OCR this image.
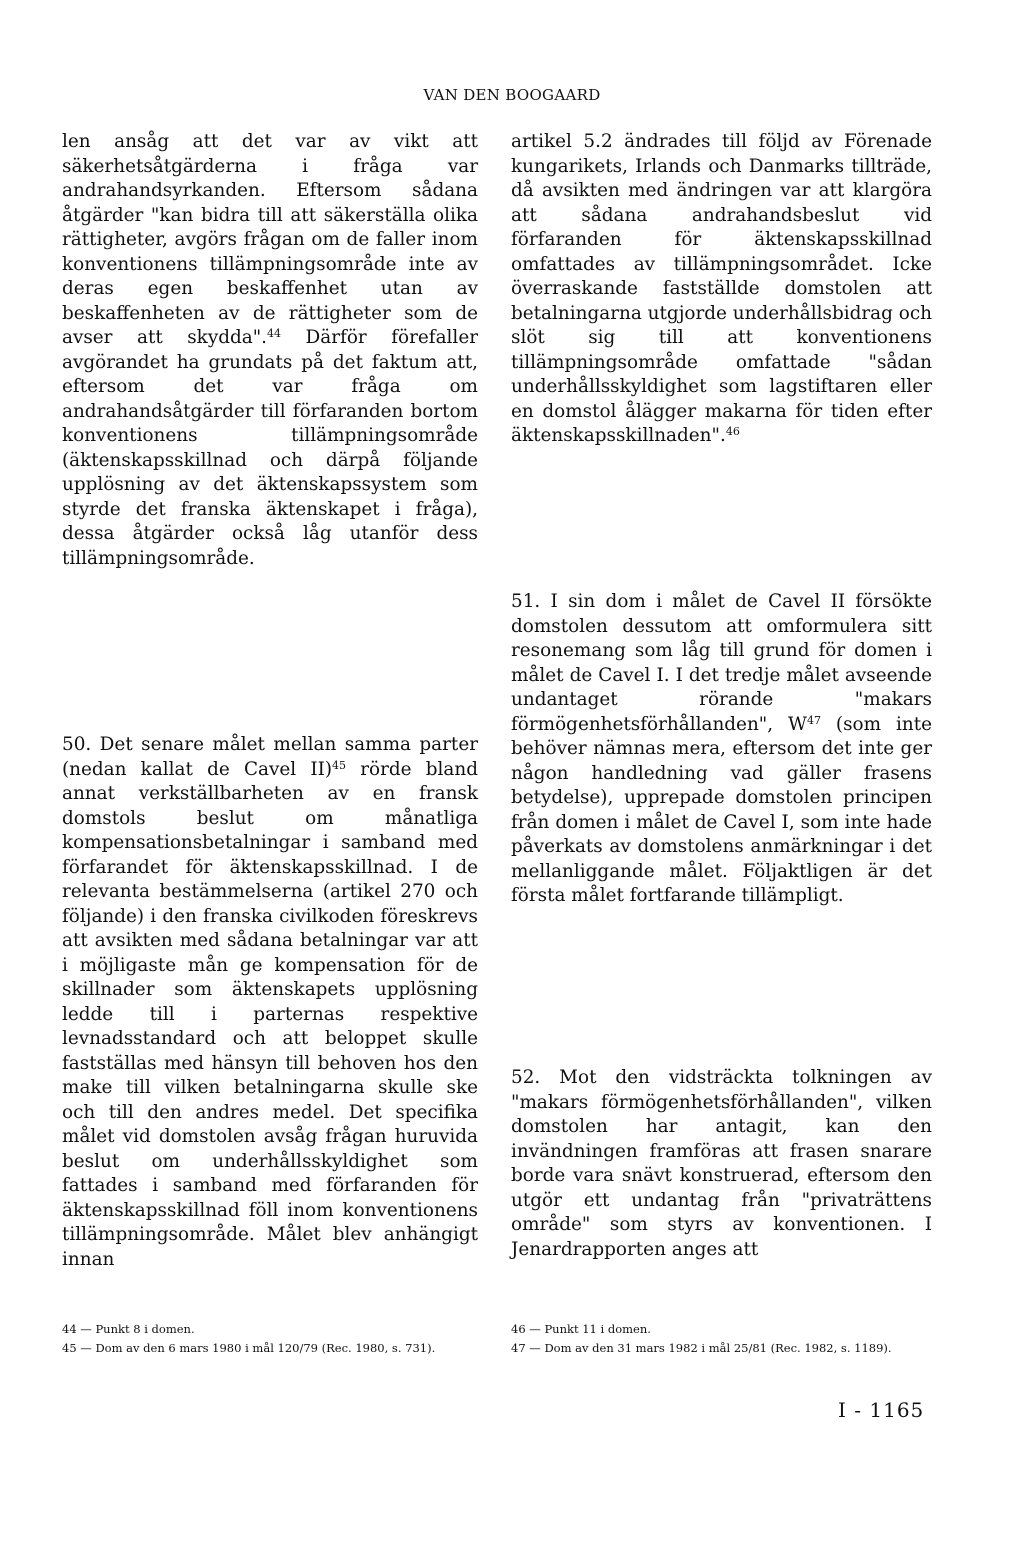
VAN DEN BOOGAARD

len ansåg att det var av vikt att säkerhetsåtgärderna i fråga var andrahandsyrkanden. Eftersom sådana åtgärder "kan bidra till att säkerställa olika rättigheter, avgörs frågan om de faller inom konventionens tillämpningsområde inte av deras egen beskaffenhet utan av beskaffenheten av de rättigheter som de avser att skydda".$^{44}$ Därför förefaller avgörandet ha grundats på det faktum att, eftersom det var fråga om andrahandsåtgärder till förfaranden bortom konventionens tillämpningsområde (äktenskapsskillnad och därpå följande upplösning av det äktenskapssystem som styrde det franska äktenskapet i fråga), dessa åtgärder också låg utanför dess tillämpningsområde.

50. Det senare målet mellan samma parter (nedan kallat de Cavel II)$^{45}$ rörde bland annat verkställbarheten av en fransk domstols beslut om månatliga kompensationsbetalningar i samband med förfarandet för äktenskapsskillnad. I de relevanta bestämmelserna (artikel 270 och följande) i den franska civilkoden föreskrevs att avsikten med sådana betalningar var att i möjligaste mån ge kompensation för de skillnader som äktenskapets upplösning ledde till i parternas respektive levnadsstandard och att beloppet skulle fastställas med hänsyn till behoven hos den make till vilken betalningarna skulle ske och till den andres medel. Det specifika målet vid domstolen avsåg frågan huruvida beslut om underhållsskyldighet som fattades i samband med förfaranden för äktenskapsskillnad föll inom konventionens tillämpningsområde. Målet blev anhängigt innan

artikel 5.2 ändrades till följd av Förenade kungarikets, Irlands och Danmarks tillträde, då avsikten med ändringen var att klargöra att sådana andrahandsbeslut vid förfaranden för äktenskapsskillnad omfattades av tillämpningsområdet. Icke överraskande fastställde domstolen att betalningarna utgjorde underhållsbidrag och slöt sig till att konventionens tillämpningsområde omfattade "sådan underhållsskyldighet som lagstiftaren eller en domstol ålägger makarna för tiden efter äktenskapsskillnaden".$^{46}$

51. I sin dom i målet de Cavel II försökte domstolen dessutom att omformulera sitt resonemang som låg till grund för domen i målet de Cavel I. I det tredje målet avseende undantaget rörande "makars förmögenhetsförhållanden", $W^{47}$ (som inte behöver nämnas mera, eftersom det inte ger någon handledning vad gäller frasens betydelse), upprepade domstolen principen från domen i målet de Cavel I, som inte hade påverkats av domstolens anmärkningar i det mellanliggande målet. Följaktligen är det första målet fortfarande tillämpligt.

52. Mot den vidsträckta tolkningen av "makars förmögenhetsförhållanden", vilken domstolen har antagit, kan den invändningen framföras att frasen snarare borde vara snävt konstruerad, eftersom den utgör ett undantag från "privaträttens område" som styrs av konventionen. I Jenardrapporten anges att

44 — Punkt 8 i domen.
45 — Dom av den 6 mars 1980 i mål 120/79 (Rec. 1980, s. 731).
46 — Punkt 11 i domen.
47 — Dom av den 31 mars 1982 i mål 25/81 (Rec. 1982, s. 1189).
I - 1165
